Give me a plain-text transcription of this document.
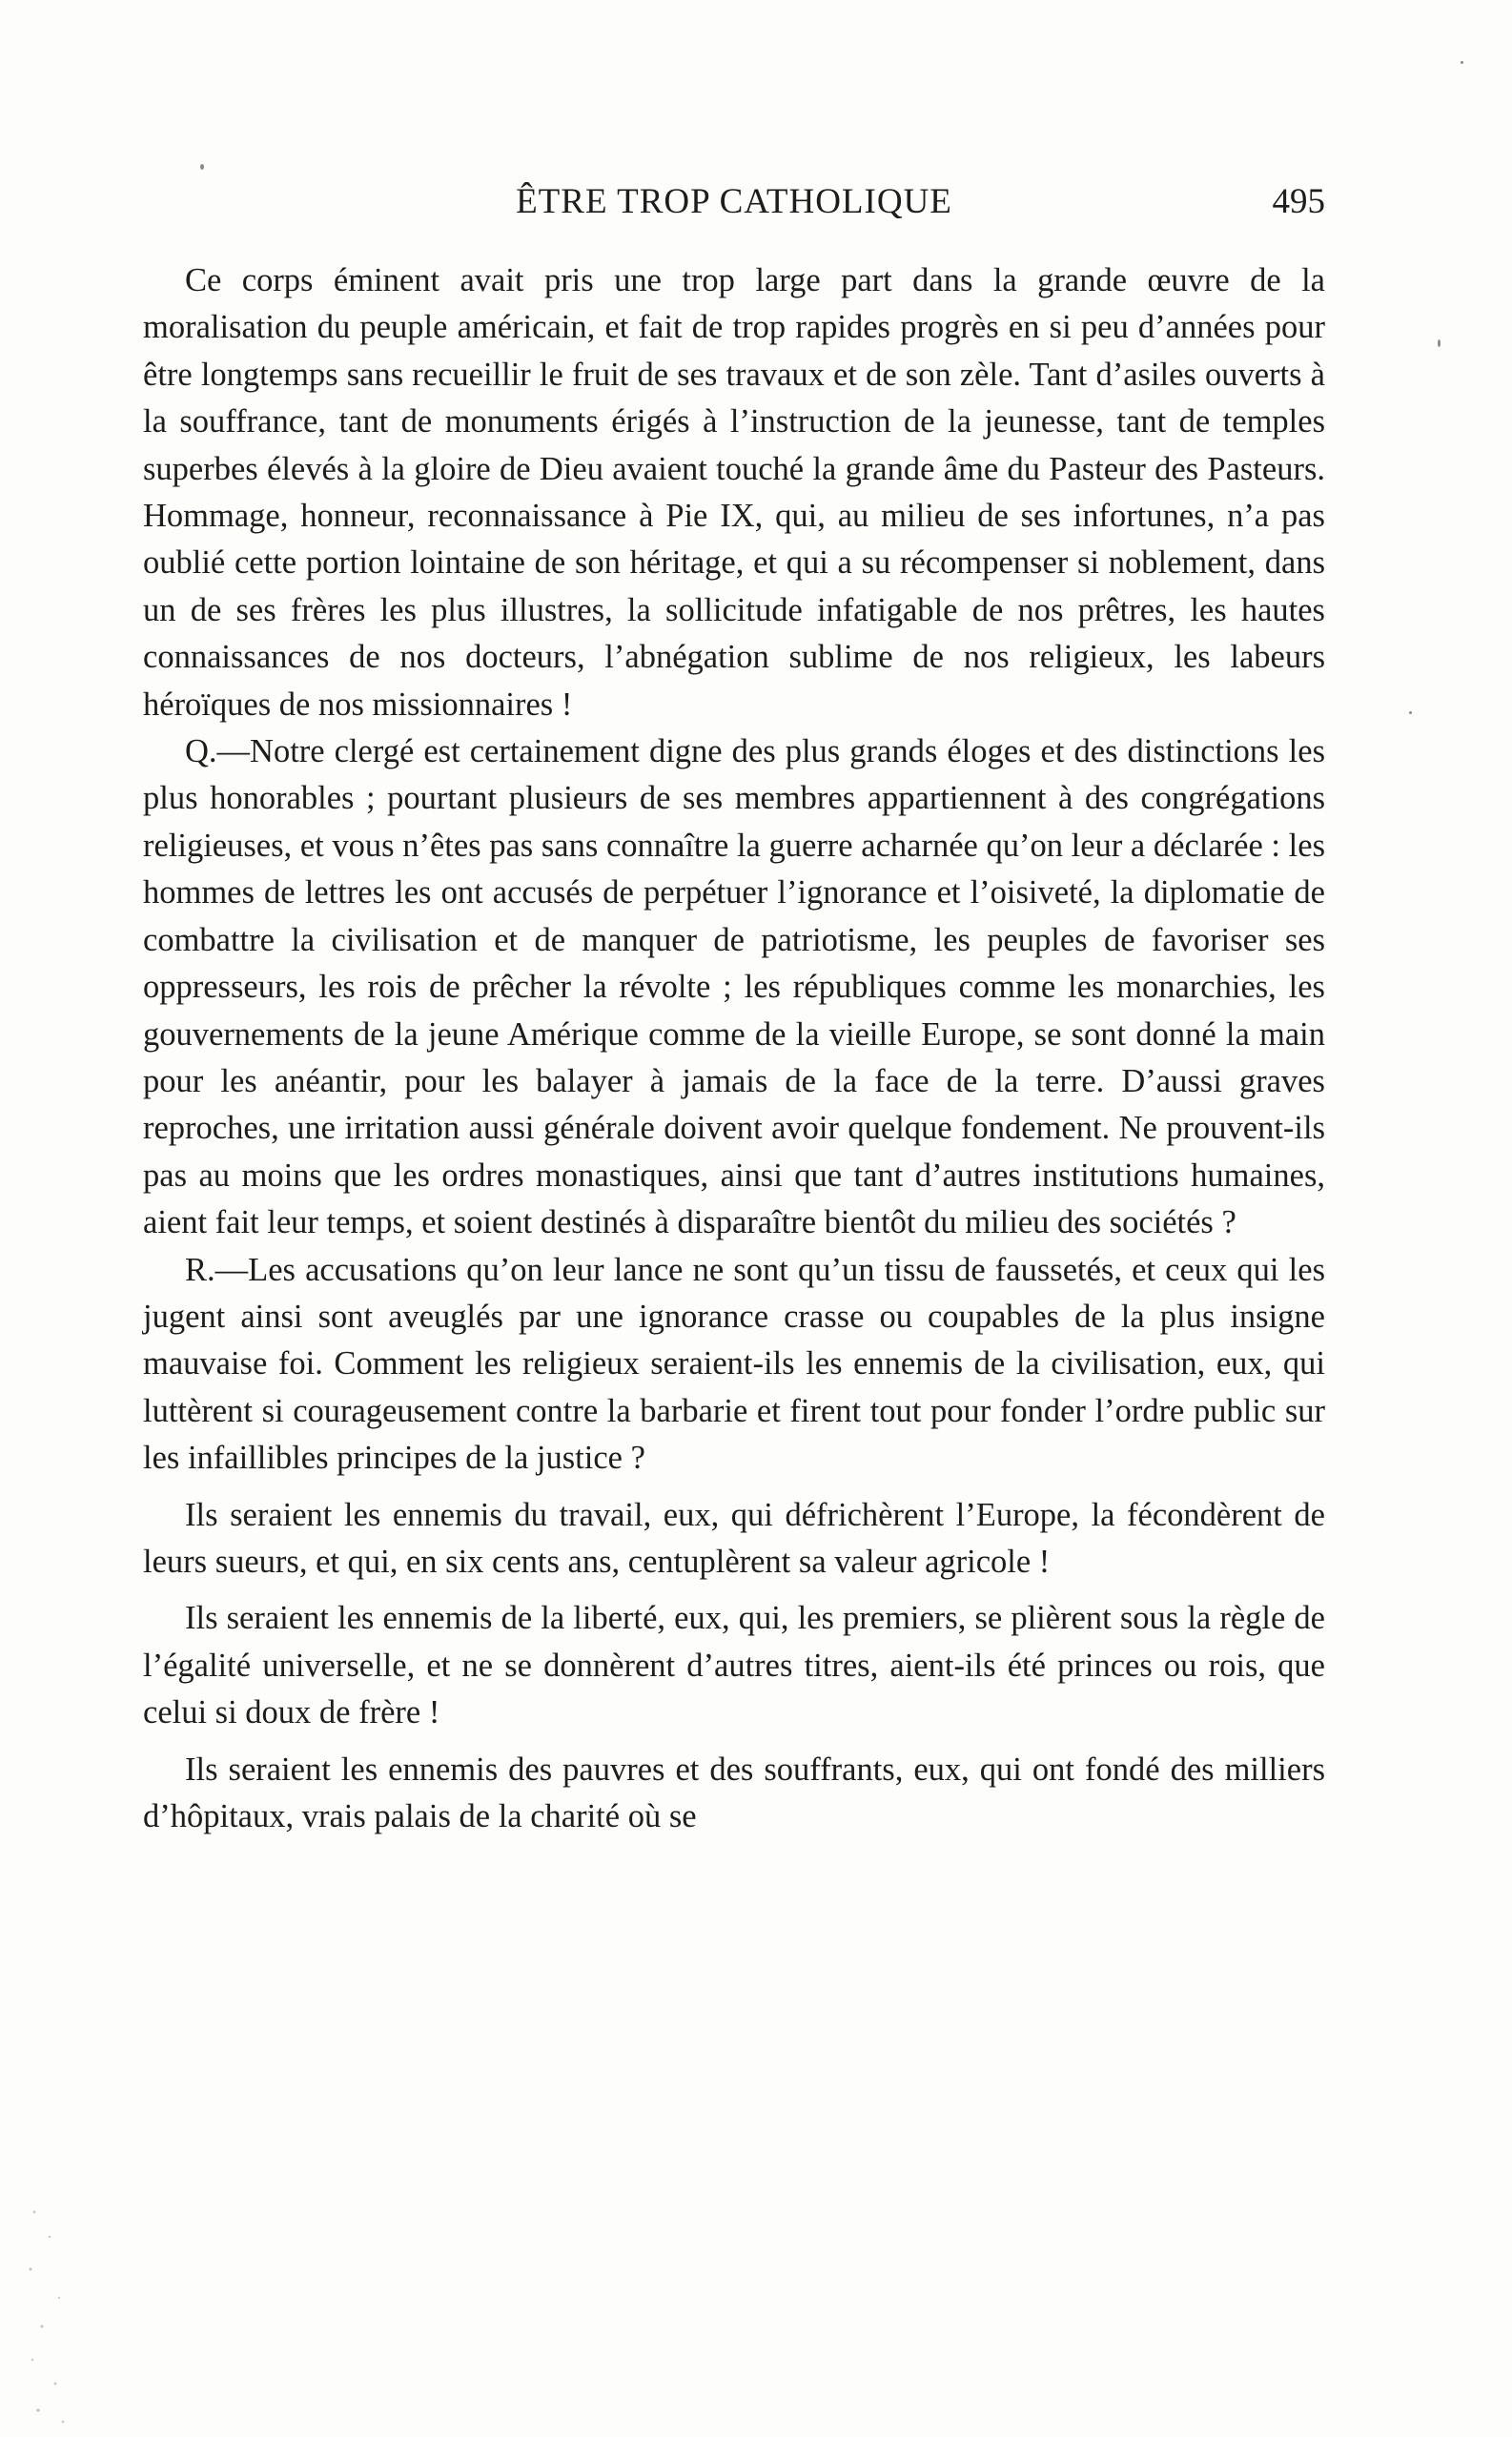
ÊTRE TROP CATHOLIQUE	495

Ce corps éminent avait pris une trop large part dans la grande œuvre de la moralisation du peuple américain, et fait de trop rapides progrès en si peu d’années pour être longtemps sans recueillir le fruit de ses travaux et de son zèle. Tant d’asiles ouverts à la souffrance, tant de monuments érigés à l’instruction de la jeunesse, tant de temples superbes élevés à la gloire de Dieu avaient touché la grande âme du Pasteur des Pasteurs. Hommage, honneur, reconnaissance à Pie IX, qui, au milieu de ses infortunes, n’a pas oublié cette portion lointaine de son héritage, et qui a su récompenser si noblement, dans un de ses frères les plus illustres, la sollicitude infatigable de nos prêtres, les hautes connaissances de nos docteurs, l’abnégation sublime de nos religieux, les labeurs héroïques de nos missionnaires !

Q.—Notre clergé est certainement digne des plus grands éloges et des distinctions les plus honorables ; pourtant plusieurs de ses membres appartiennent à des congrégations religieuses, et vous n’êtes pas sans connaître la guerre acharnée qu’on leur a déclarée : les hommes de lettres les ont accusés de perpétuer l’ignorance et l’oisiveté, la diplomatie de combattre la civilisation et de manquer de patriotisme, les peuples de favoriser ses oppresseurs, les rois de prêcher la révolte ; les républiques comme les monarchies, les gouvernements de la jeune Amérique comme de la vieille Europe, se sont donné la main pour les anéantir, pour les balayer à jamais de la face de la terre. D’aussi graves reproches, une irritation aussi générale doivent avoir quelque fondement. Ne prouvent-ils pas au moins que les ordres monastiques, ainsi que tant d’autres institutions humaines, aient fait leur temps, et soient destinés à disparaître bientôt du milieu des sociétés ?

R.—Les accusations qu’on leur lance ne sont qu’un tissu de faussetés, et ceux qui les jugent ainsi sont aveuglés par une ignorance crasse ou coupables de la plus insigne mauvaise foi. Comment les religieux seraient-ils les ennemis de la civilisation, eux, qui luttèrent si courageusement contre la barbarie et firent tout pour fonder l’ordre public sur les infaillibles principes de la justice ?

Ils seraient les ennemis du travail, eux, qui défrichèrent l’Europe, la fécondèrent de leurs sueurs, et qui, en six cents ans, centuplèrent sa valeur agricole !

Ils seraient les ennemis de la liberté, eux, qui, les premiers, se plièrent sous la règle de l’égalité universelle, et ne se donnèrent d’autres titres, aient-ils été princes ou rois, que celui si doux de frère !

Ils seraient les ennemis des pauvres et des souffrants, eux, qui ont fondé des milliers d’hôpitaux, vrais palais de la charité où se
